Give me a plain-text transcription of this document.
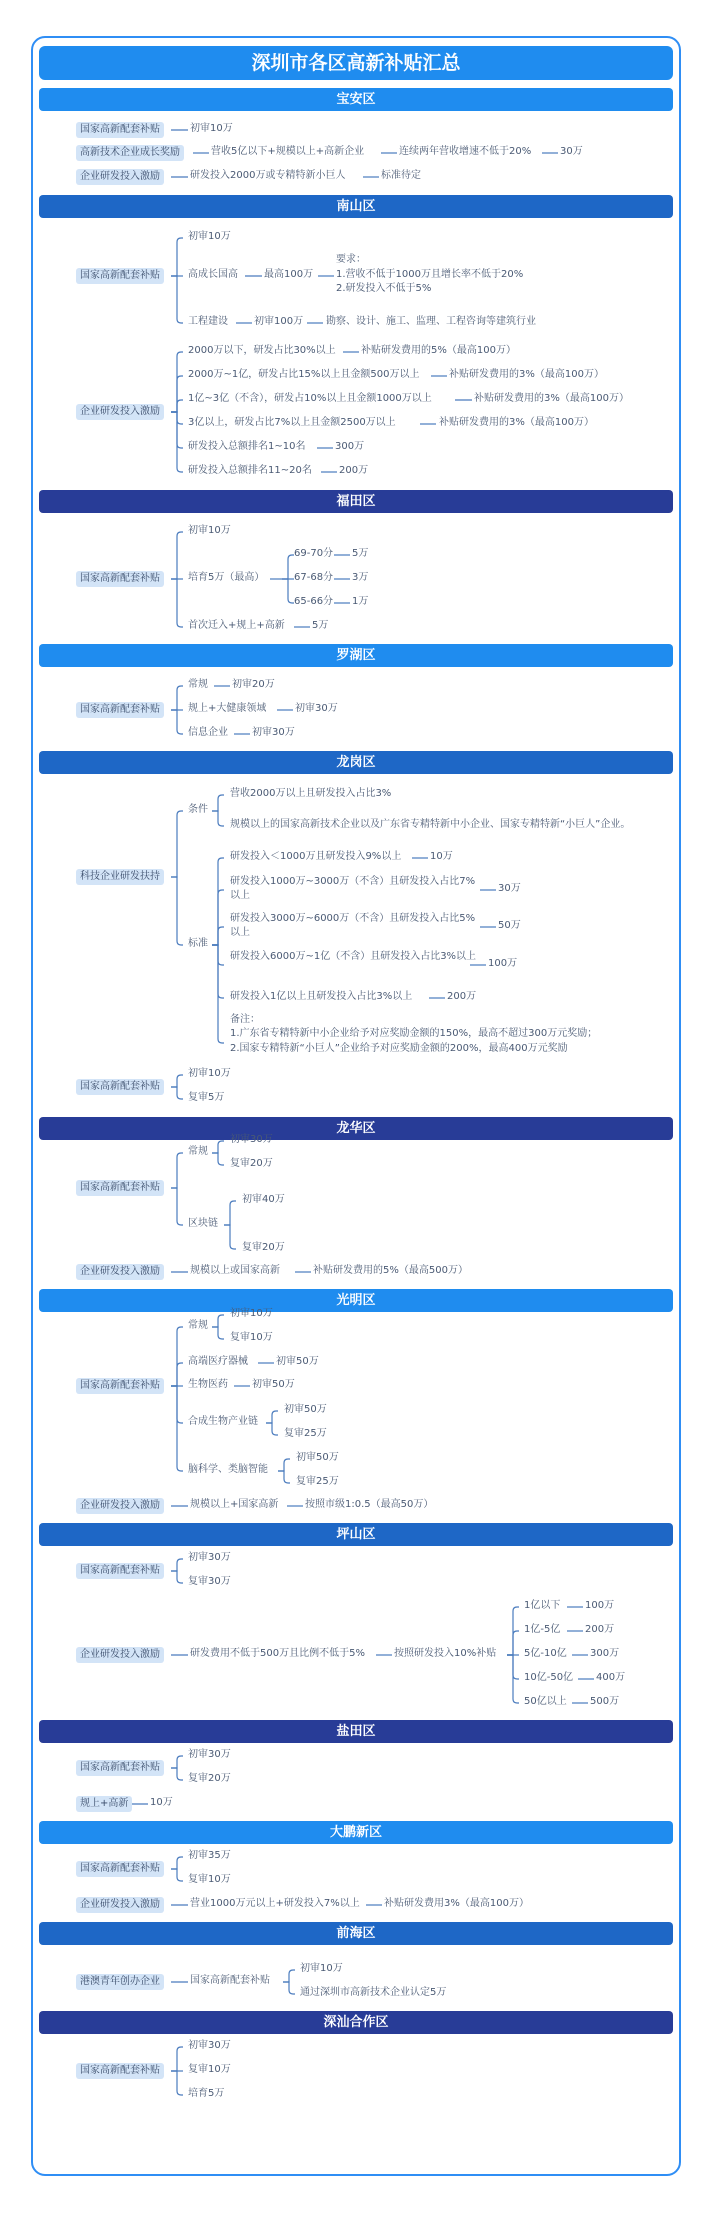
深圳市各区高新补贴汇总
宝安区
国家高新配套补贴	初审10万
高新技术企业成长奖励	营收5亿以下+规模以上+高新企业	连续两年营收增速不低于20%	30万
企业研发投入激励	研发投入2000万或专精特新小巨人	标准待定
南山区
国家高新配套补贴
初审10万
高成长国高	最高100万
要求：
1.营收不低于1000万且增长率不低于20%
2.研发投入不低于5%
工程建设	初审100万 勘察、设计、施工、监理、工程咨询等建筑行业
企业研发投入激励
2000万以下，研发占比30%以上	补贴研发费用的5%（最高100万）
2000万~1亿，研发占比15%以上且金额500万以上	补贴研发费用的3%（最高100万）
1亿~3亿（不含），研发占10%以上且金额1000万以上	补贴研发费用的3%（最高100万）
3亿以上，研发占比7%以上且金额2500万以上	补贴研发费用的3%（最高100万）
研发投入总额排名1~10名	300万
研发投入总额排名11~20名	200万
福田区
国家高新配套补贴
初审10万
培育5万（最高）
69-70分 5万
67-68分 3万
65-66分 1万
首次迁入+规上+高新	5万
罗湖区
国家高新配套补贴
常规 初审20万
规上+大健康领域	初审30万
信息企业 初审30万
龙岗区
科技企业研发扶持
条件
营收2000万以上且研发投入占比3%
规模以上的国家高新技术企业以及广东省专精特新中小企业、国家专精特新“小巨人”企业。
标准
研发投入＜1000万且研发投入9%以上	10万
研发投入1000万~3000万（不含）且研发投入占比7%以上
30万
研发投入3000万~6000万（不含）且研发投入占比5%以上
50万
研发投入6000万~1亿（不含）且研发投入占比3%以上
100万
研发投入1亿以上且研发投入占比3%以上	200万
备注：
1.广东省专精特新中小企业给予对应奖励金额的150%，最高不超过300万元奖励；
2.国家专精特新“小巨人”企业给予对应奖励金额的200%，最高400万元奖励
国家高新配套补贴
初审10万
复审5万
龙华区
国家高新配套补贴
常规
初审30万
复审20万
区块链
初审40万
复审20万
企业研发投入激励	规模以上或国家高新	补贴研发费用的5%（最高500万）
光明区
国家高新配套补贴
常规
初审10万
复审10万
高端医疗器械	初审50万
生物医药 初审50万
合成生物产业链
初审50万
复审25万
脑科学、类脑智能
初审50万
复审25万
企业研发投入激励	规模以上+国家高新	按照市级1:0.5（最高50万）
坪山区
国家高新配套补贴
初审30万
复审30万
企业研发投入激励	研发费用不低于500万且比例不低于5%	按照研发投入10%补贴
1亿以下 100万
1亿-5亿 200万
5亿-10亿 300万
10亿-50亿 400万
50亿以上 500万
盐田区
国家高新配套补贴
初审30万
复审20万
规上+高新	10万
大鹏新区
国家高新配套补贴
初审35万
复审10万
企业研发投入激励	营业1000万元以上+研发投入7%以上 补贴研发费用3%（最高100万）
前海区
港澳青年创办企业	国家高新配套补贴
初审10万
通过深圳市高新技术企业认定5万
深汕合作区
国家高新配套补贴
初审30万
复审10万
培育5万
